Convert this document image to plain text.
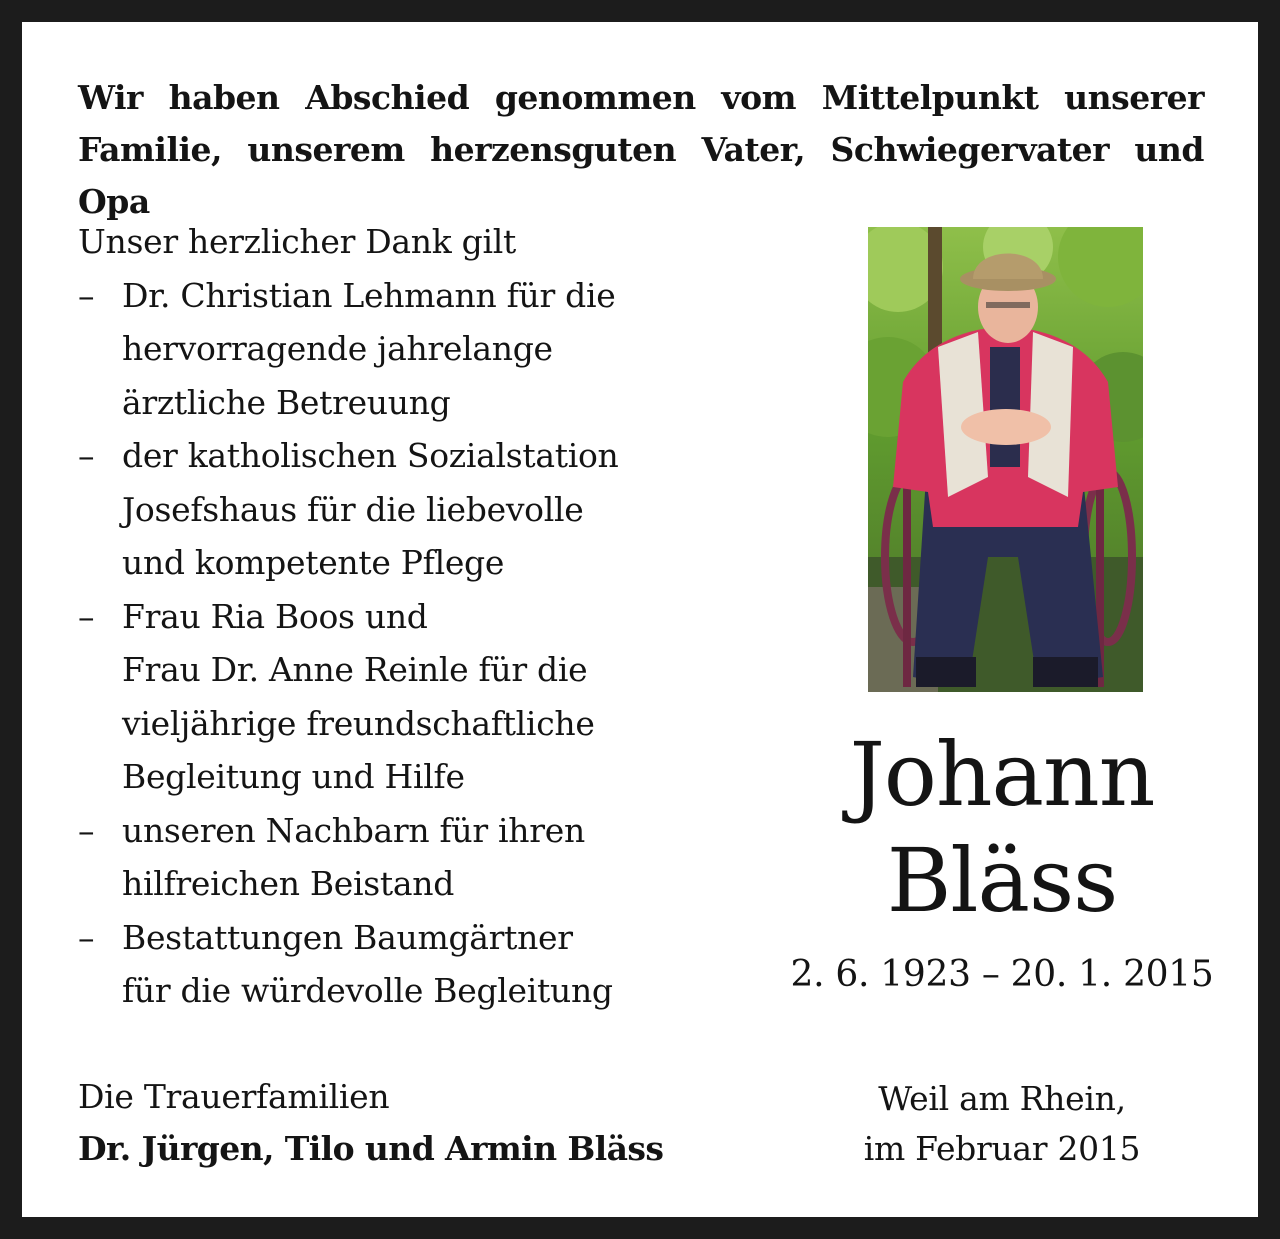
Wir haben Abschied genommen vom Mittelpunkt unserer
Familie, unserem herzensguten Vater, Schwiegervater und Opa
Unser herzlicher Dank gilt
– Dr. Christian Lehmann für die
hervorragende jahrelange
ärztliche Betreuung
– der katholischen Sozialstation
Josefshaus für die liebevolle
und kompetente Pflege
– Frau Ria Boos und
Frau Dr. Anne Reinle für die
vieljährige freundschaftliche
Begleitung und Hilfe
– unseren Nachbarn für ihren
hilfreichen Beistand
– Bestattungen Baumgärtner
für die würdevolle Begleitung
Die Trauerfamilien
Dr. Jürgen, Tilo und Armin Bläss
Johann
Bläss
2. 6. 1923 – 20. 1. 2015
Weil am Rhein,
im Februar 2015
